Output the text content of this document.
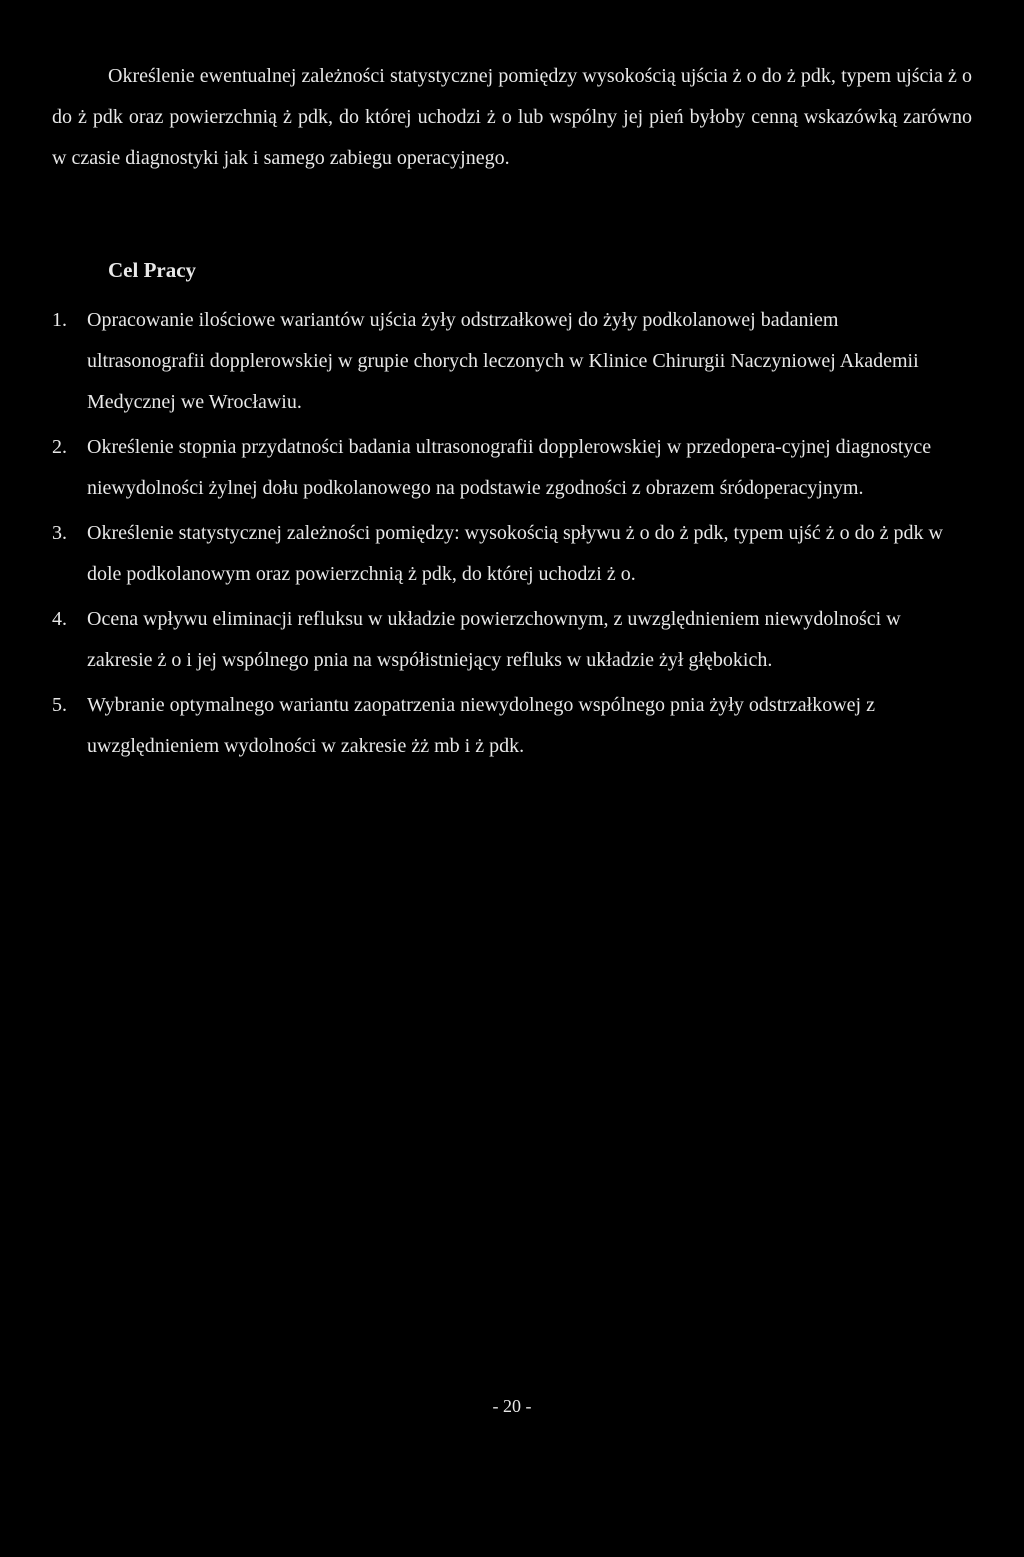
Określenie ewentualnej zależności statystycznej pomiędzy wysokością ujścia ż o do ż pdk, typem ujścia ż o do ż pdk oraz powierzchnią ż pdk, do której uchodzi ż o lub wspólny jej pień byłoby cenną wskazówką zarówno w czasie diagnostyki jak i samego zabiegu operacyjnego.

Cel Pracy
1. Opracowanie ilościowe wariantów ujścia żyły odstrzałkowej do żyły podkolanowej badaniem ultrasonografii dopplerowskiej w grupie chorych leczonych w Klinice Chirurgii Naczyniowej Akademii Medycznej we Wrocławiu.
2. Określenie stopnia przydatności badania ultrasonografii dopplerowskiej w przedopera-cyjnej diagnostyce niewydolności żylnej dołu podkolanowego na podstawie zgodności z obrazem śródoperacyjnym.
3. Określenie statystycznej zależności pomiędzy: wysokością spływu ż o do ż pdk, typem ujść ż o do ż pdk w dole podkolanowym oraz powierzchnią ż pdk, do której uchodzi ż o.
4. Ocena wpływu eliminacji refluksu w układzie powierzchownym, z uwzględnieniem niewydolności w zakresie ż o i jej wspólnego pnia na współistniejący refluks w układzie żył głębokich.
5. Wybranie optymalnego wariantu zaopatrzenia niewydolnego wspólnego pnia żyły odstrzałkowej z uwzględnieniem wydolności w zakresie żż mb i ż pdk.

- 20 -
